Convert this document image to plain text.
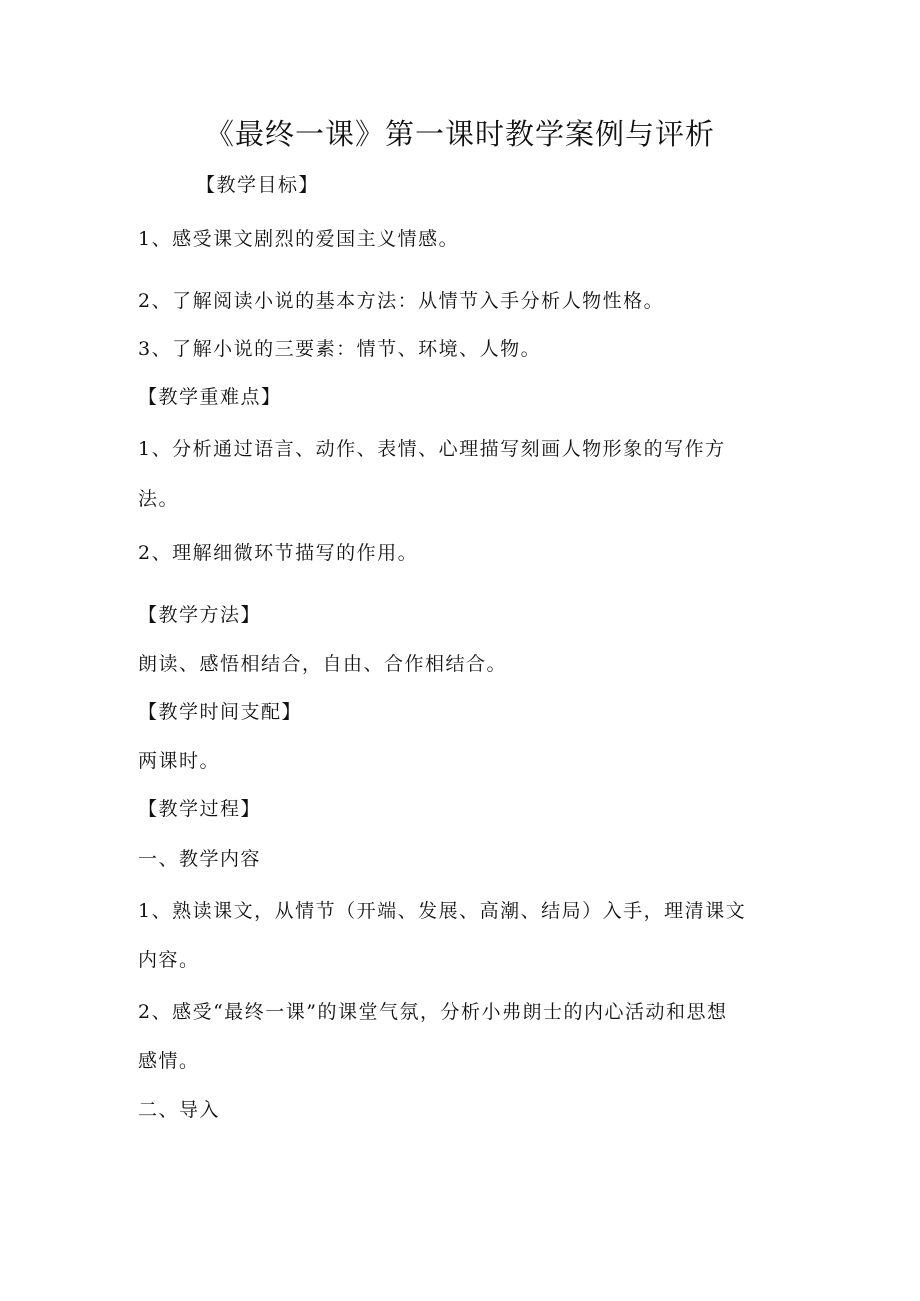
《最终一课》第一课时教学案例与评析
【教学目标】
1、感受课文剧烈的爱国主义情感。
2、了解阅读小说的基本方法：从情节入手分析人物性格。
3、了解小说的三要素：情节、环境、人物。
【教学重难点】
1、分析通过语言、动作、表情、心理描写刻画人物形象的写作方
法。
2、理解细微环节描写的作用。
【教学方法】
朗读、感悟相结合，自由、合作相结合。
【教学时间支配】
两课时。
【教学过程】
一、教学内容
1、熟读课文，从情节（开端、发展、高潮、结局）入手，理清课文
内容。
2、感受“最终一课”的课堂气氛，分析小弗朗士的内心活动和思想
感情。
二、导入
